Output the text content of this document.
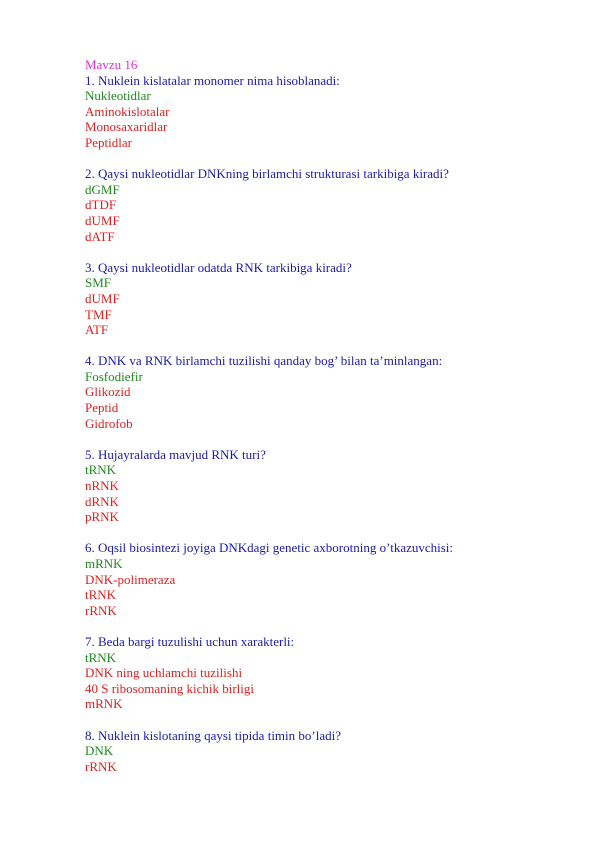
Mavzu 16
1. Nuklein kislatalar monomer nima hisoblanadi:
Nukleotidlar
Aminokislotalar
Monosaxaridlar
Peptidlar
2. Qaysi nukleotidlar DNKning birlamchi strukturasi tarkibiga kiradi?
dGMF
dTDF
dUMF
dATF
3. Qaysi nukleotidlar odatda RNK tarkibiga kiradi?
SMF
dUMF
TMF
ATF
4. DNK va RNK birlamchi tuzilishi qanday bog’ bilan ta’minlangan:
Fosfodiefir
Glikozid
Peptid
Gidrofob
5. Hujayralarda mavjud RNK turi?
tRNK
nRNK
dRNK
pRNK
6. Oqsil biosintezi joyiga DNKdagi genetic axborotning o’tkazuvchisi:
mRNK
DNK-polimeraza
tRNK
rRNK
7. Beda bargi tuzulishi uchun xarakterli:
tRNK
DNK ning uchlamchi tuzilishi
40 S ribosomaning kichik birligi
mRNK
8. Nuklein kislotaning qaysi tipida timin bo’ladi?
DNK
rRNK
